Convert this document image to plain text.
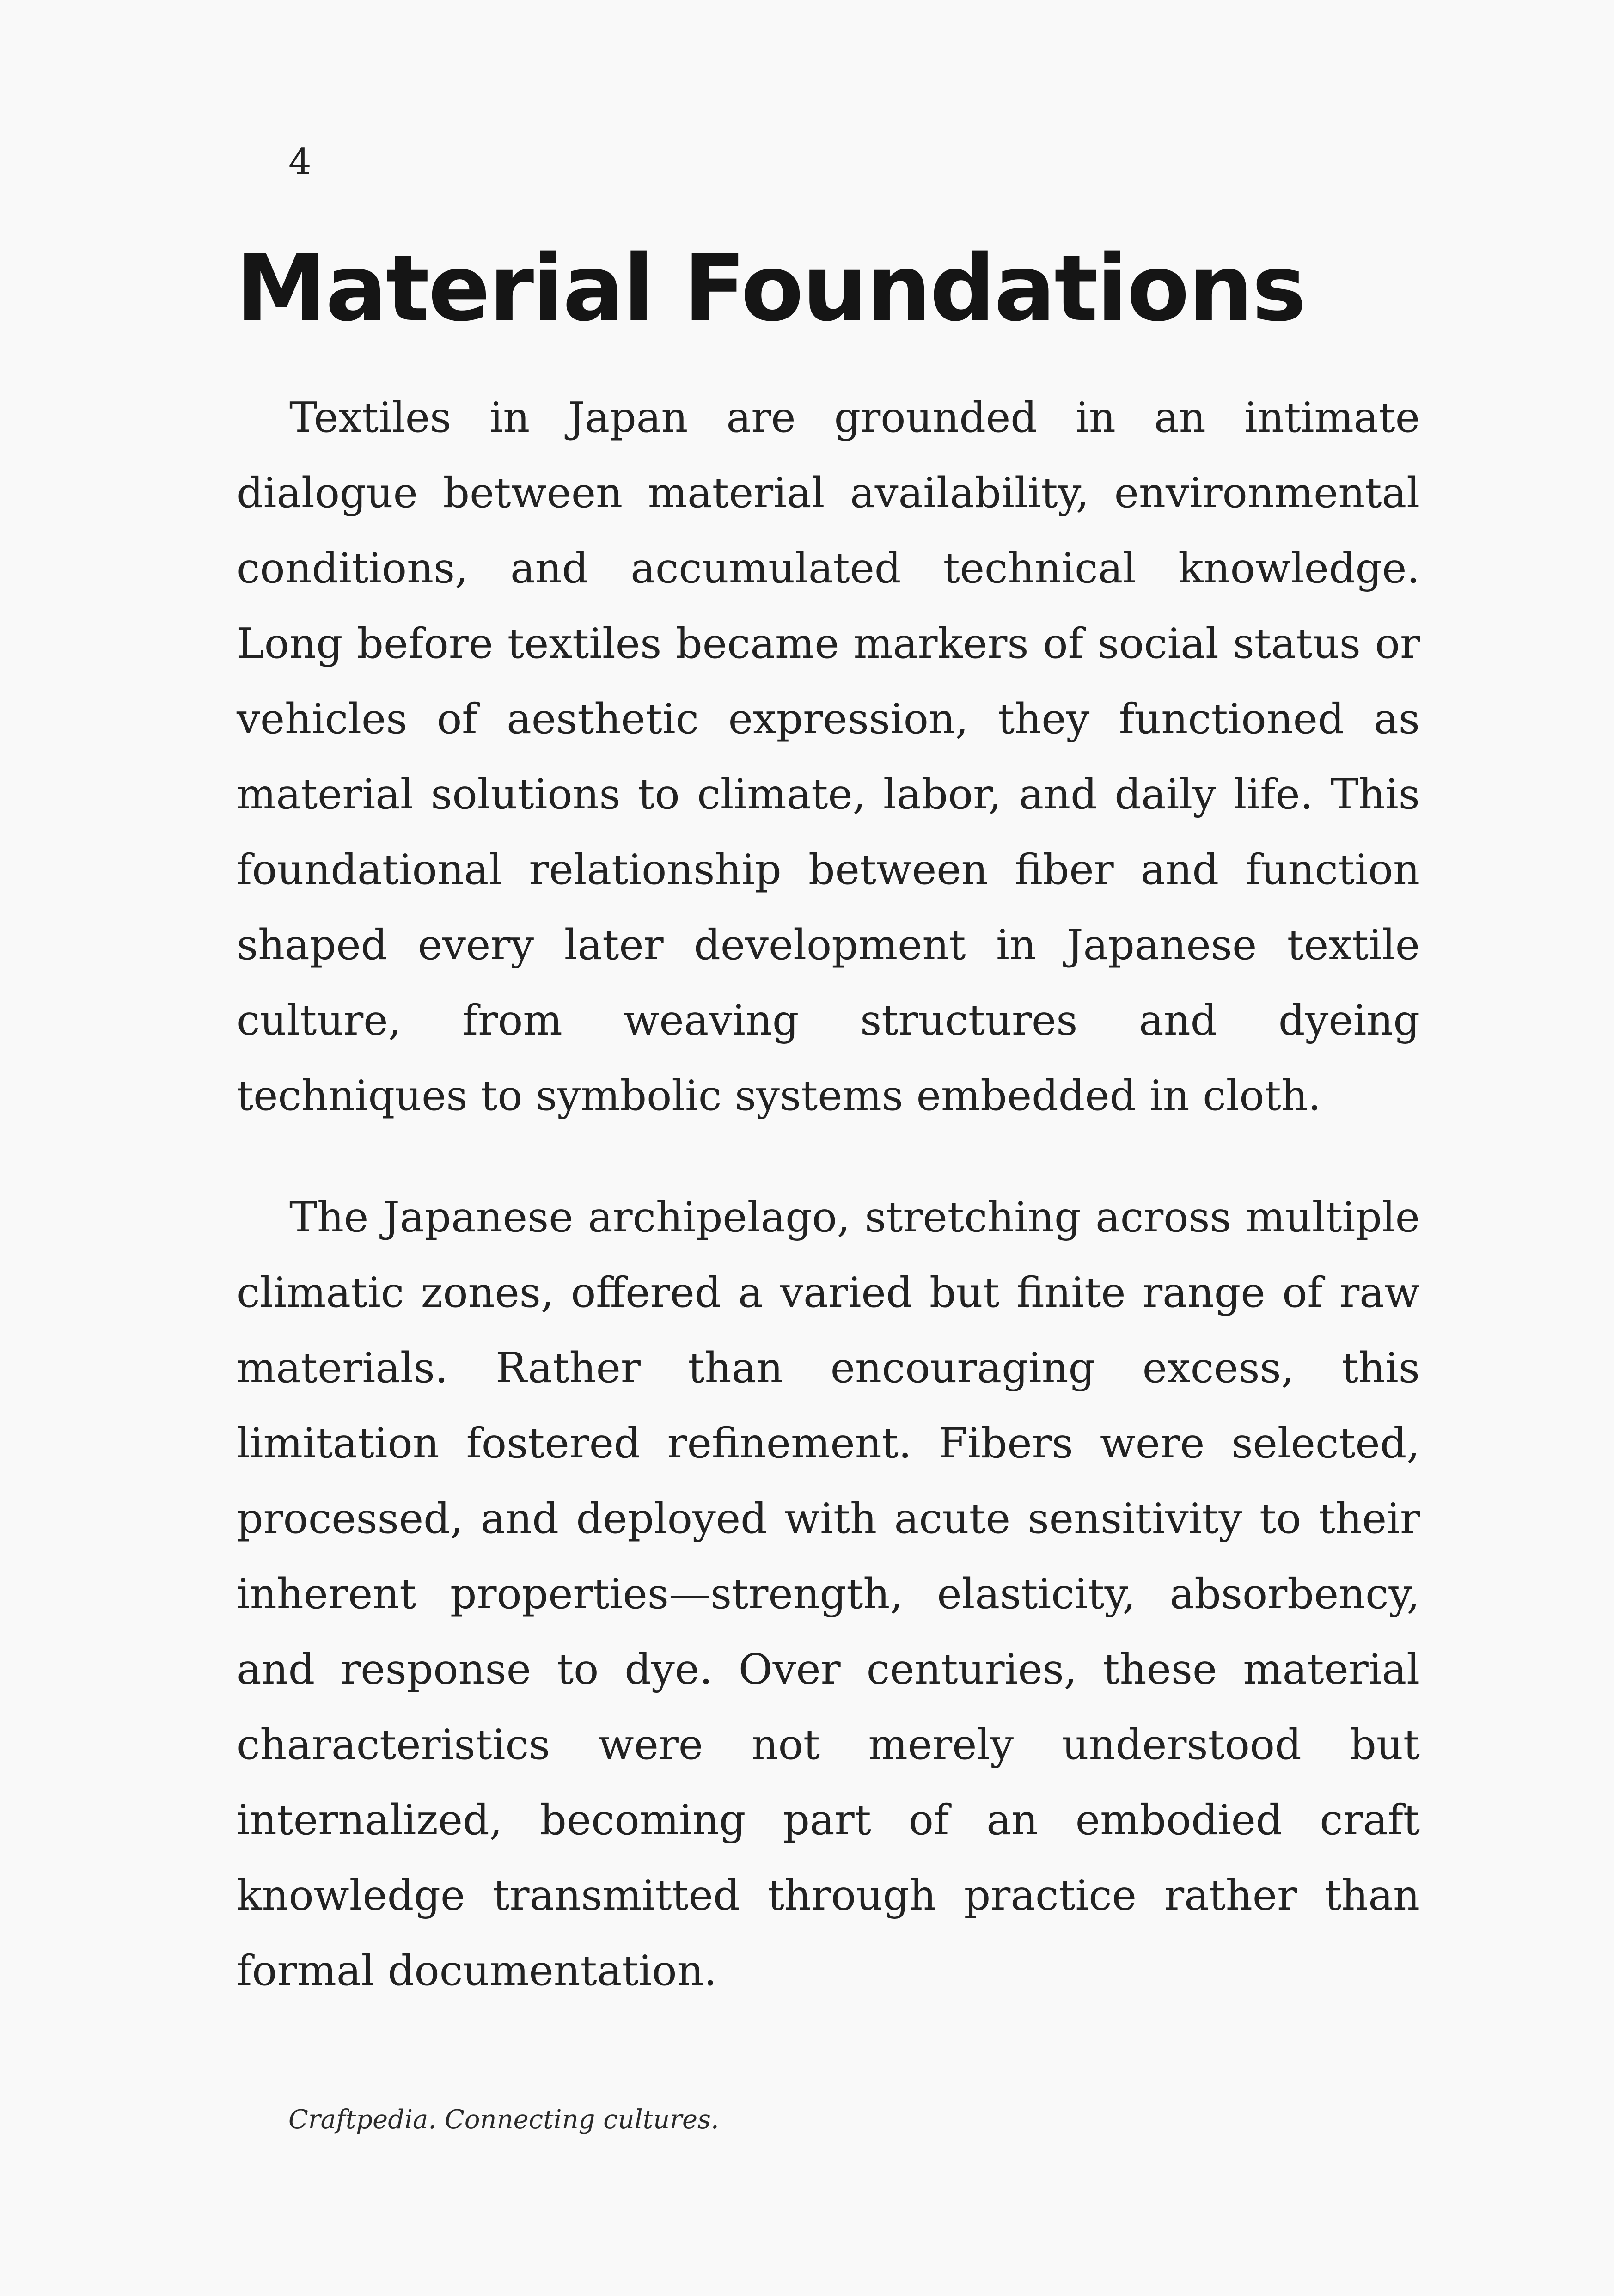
4
Material Foundations

Textiles in Japan are grounded in an intimate dialogue between material availability, environmental conditions, and accumulated technical knowledge. Long before textiles became markers of social status or vehicles of aesthetic expression, they functioned as material solutions to climate, labor, and daily life. This foundational relationship between fiber and function shaped every later development in Japanese textile culture, from weaving structures and dyeing techniques to symbolic systems embedded in cloth.

The Japanese archipelago, stretching across multiple climatic zones, offered a varied but finite range of raw materials. Rather than encouraging excess, this limitation fostered refinement. Fibers were selected, processed, and deployed with acute sensitivity to their inherent properties—strength, elasticity, absorbency, and response to dye. Over centuries, these material characteristics were not merely understood but internalized, becoming part of an embodied craft knowledge transmitted through practice rather than formal documentation.

Craftpedia. Connecting cultures.
